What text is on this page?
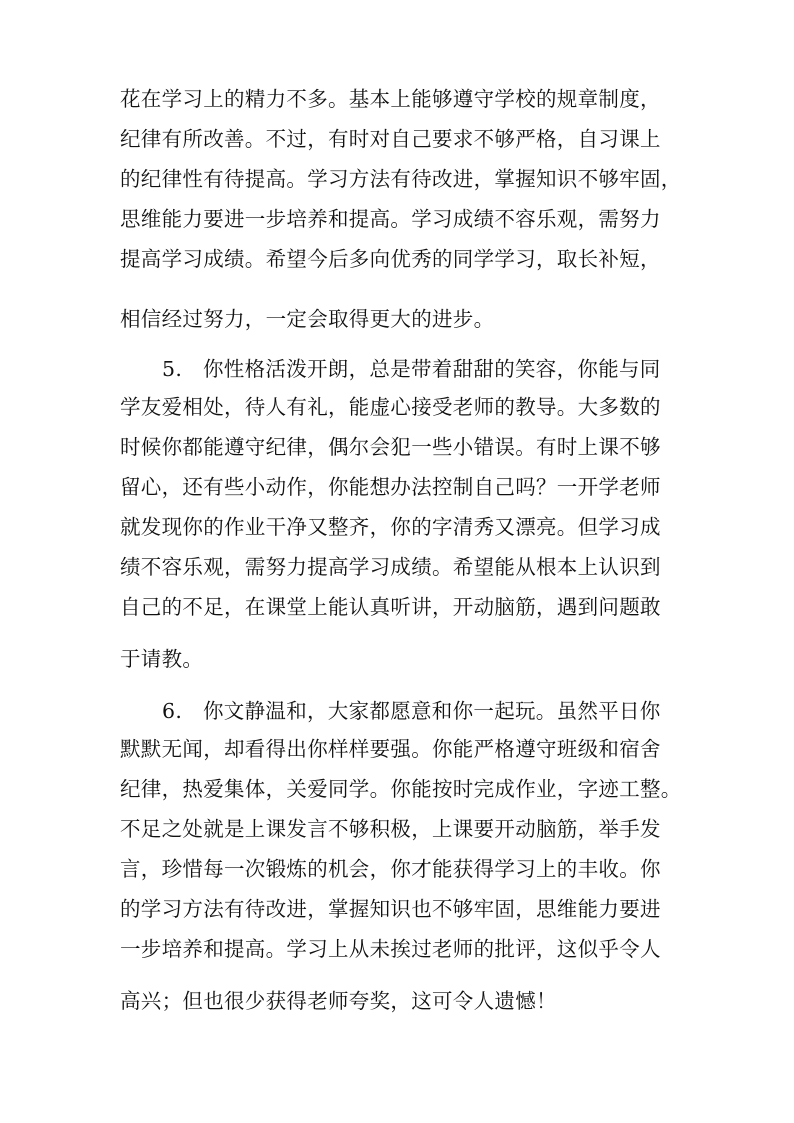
花在学习上的精力不多。基本上能够遵守学校的规章制度，
纪律有所改善。不过，有时对自己要求不够严格，自习课上
的纪律性有待提高。学习方法有待改进，掌握知识不够牢固，
思维能力要进一步培养和提高。学习成绩不容乐观，需努力
提高学习成绩。希望今后多向优秀的同学学习，取长补短，
相信经过努力，一定会取得更大的进步。
5. 你性格活泼开朗，总是带着甜甜的笑容，你能与同
学友爱相处，待人有礼，能虚心接受老师的教导。大多数的
时候你都能遵守纪律，偶尔会犯一些小错误。有时上课不够
留心，还有些小动作，你能想办法控制自己吗？一开学老师
就发现你的作业干净又整齐，你的字清秀又漂亮。但学习成
绩不容乐观，需努力提高学习成绩。希望能从根本上认识到
自己的不足，在课堂上能认真听讲，开动脑筋，遇到问题敢
于请教。
6. 你文静温和，大家都愿意和你一起玩。虽然平日你
默默无闻，却看得出你样样要强。你能严格遵守班级和宿舍
纪律，热爱集体，关爱同学。你能按时完成作业，字迹工整。
不足之处就是上课发言不够积极，上课要开动脑筋，举手发
言，珍惜每一次锻炼的机会，你才能获得学习上的丰收。你
的学习方法有待改进，掌握知识也不够牢固，思维能力要进
一步培养和提高。学习上从未挨过老师的批评，这似乎令人
高兴；但也很少获得老师夸奖，这可令人遗憾！
